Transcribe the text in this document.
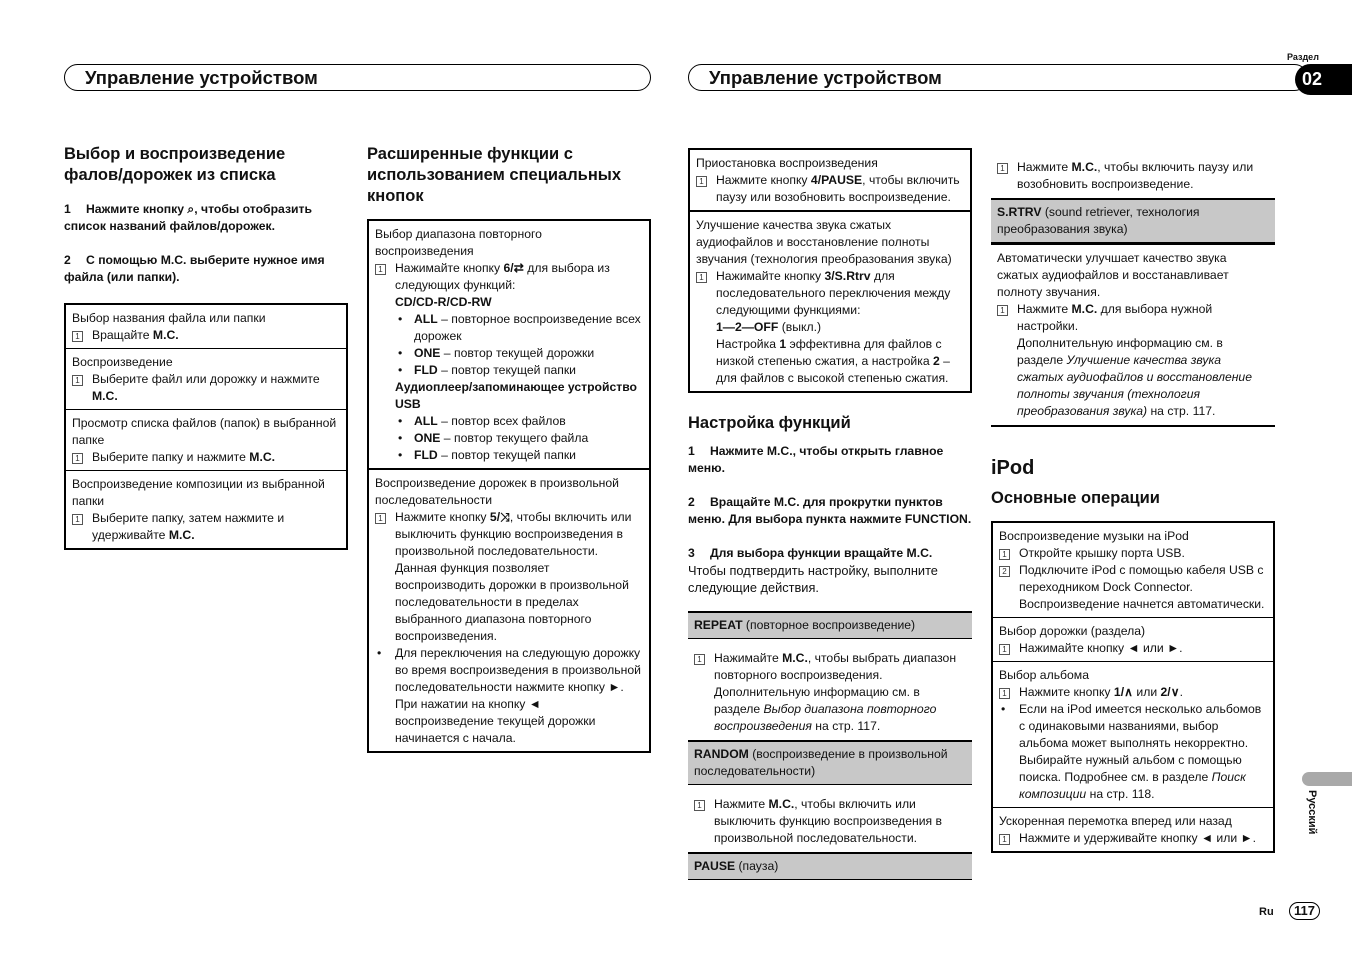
Управление устройством	Управление устройством
Раздел
02
Выбор и воспроизведение фалов/дорожек из списка
1 Нажмите кнопку ⌕, чтобы отобразить список названий файлов/дорожек.
2 С помощью M.C. выберите нужное имя файла (или папки).
Выбор названия файла или папки
1 Вращайте M.C.
Воспроизведение
1 Выберите файл или дорожку и нажмите M.C.
Просмотр списка файлов (папок) в выбранной папке
1 Выберите папку и нажмите M.C.
Воспроизведение композиции из выбранной папки
1 Выберите папку, затем нажмите и удерживайте M.C.
Расширенные функции с использованием специальных кнопок
Выбор диапазона повторного воспроизведения
1 Нажимайте кнопку 6/⇄ для выбора из следующих функций:
CD/CD-R/CD-RW
• ALL – повторное воспроизведение всех дорожек
• ONE – повтор текущей дорожки
• FLD – повтор текущей папки
Аудиоплеер/запоминающее устройство USB
• ALL – повтор всех файлов
• ONE – повтор текущего файла
• FLD – повтор текущей папки
Воспроизведение дорожек в произвольной последовательности
1 Нажмите кнопку 5/⤨, чтобы включить или выключить функцию воспроизведения в произвольной последовательности.
Данная функция позволяет воспроизводить дорожки в произвольной последовательности в пределах выбранного диапазона повторного воспроизведения.
• Для переключения на следующую дорожку во время воспроизведения в произвольной последовательности нажмите кнопку ►.
При нажатии на кнопку ◄ воспроизведение текущей дорожки начинается с начала.
Приостановка воспроизведения
1 Нажмите кнопку 4/PAUSE, чтобы включить паузу или возобновить воспроизведение.
Улучшение качества звука сжатых аудиофайлов и восстановление полноты звучания (технология преобразования звука)
1 Нажимайте кнопку 3/S.Rtrv для последовательного переключения между следующими функциями:
1—2—OFF (выкл.)
Настройка 1 эффективна для файлов с низкой степенью сжатия, а настройка 2 – для файлов с высокой степенью сжатия.
Настройка функций
1 Нажмите M.C., чтобы открыть главное меню.
2 Вращайте M.C. для прокрутки пунктов меню. Для выбора пункта нажмите FUNCTION.
3 Для выбора функции вращайте M.C.
Чтобы подтвердить настройку, выполните следующие действия.
REPEAT (повторное воспроизведение)
1 Нажимайте M.C., чтобы выбрать диапазон повторного воспроизведения.
Дополнительную информацию см. в разделе Выбор диапазона повторного воспроизведения на стр. 117.
RANDOM (воспроизведение в произвольной последовательности)
1 Нажмите M.C., чтобы включить или выключить функцию воспроизведения в произвольной последовательности.
PAUSE (пауза)
1 Нажмите M.C., чтобы включить паузу или возобновить воспроизведение.
S.RTRV (sound retriever, технология преобразования звука)
Автоматически улучшает качество звука сжатых аудиофайлов и восстанавливает полноту звучания.
1 Нажмите M.C. для выбора нужной настройки.
Дополнительную информацию см. в разделе Улучшение качества звука сжатых аудиофайлов и восстановление полноты звучания (технология преобразования звука) на стр. 117.
iPod
Основные операции
Воспроизведение музыки на iPod
1 Откройте крышку порта USB.
2 Подключите iPod с помощью кабеля USB с переходником Dock Connector.
Воспроизведение начнется автоматически.
Выбор дорожки (раздела)
1 Нажимайте кнопку ◄ или ►.
Выбор альбома
1 Нажмите кнопку 1/∧ или 2/∨.
• Если на iPod имеется несколько альбомов с одинаковыми названиями, выбор альбома может выполнять некорректно. Выбирайте нужный альбом с помощью поиска. Подробнее см. в разделе Поиск композиции на стр. 118.
Ускоренная перемотка вперед или назад
1 Нажмите и удерживайте кнопку ◄ или ►.
Русский
Ru	117
